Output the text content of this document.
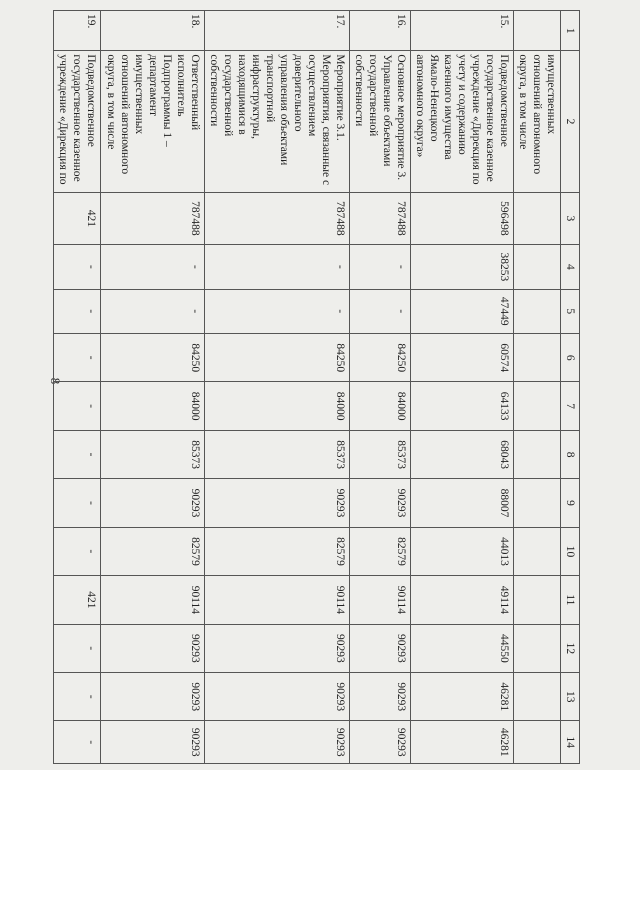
8
1	2	3	4	5	6	7	8	9	10	11	12	13	14
	имущественных отношений автономного округа, в том числе												
15.	Подведомственное государственное казенное учреждение «Дирекция по учету и содержанию казенного имущества Ямало-Ненецкого автономного округа»	596498	38253	47449	60574	64133	68043	88007	44013	49114	44550	46281	46281
16.	Основное мероприятие 3. Управление объектами государственной собственности	787488	-	-	84250	84000	85373	90293	82579	90114	90293	90293	90293
17.	Мероприятие 3.1. Мероприятия, связанные с осуществлением доверительного управления объектами транспортной инфраструктуры, находящимися в государственной собственности	787488	-	-	84250	84000	85373	90293	82579	90114	90293	90293	90293
18.	Ответственный исполнитель Подпрограммы 1 – департамент имущественных отношений автономного округа, в том числе	787488	-	-	84250	84000	85373	90293	82579	90114	90293	90293	90293
19.	Подведомственное государственное казенное учреждение «Дирекция по	421	-	-	-	-	-	-	-	421	-	-	-
